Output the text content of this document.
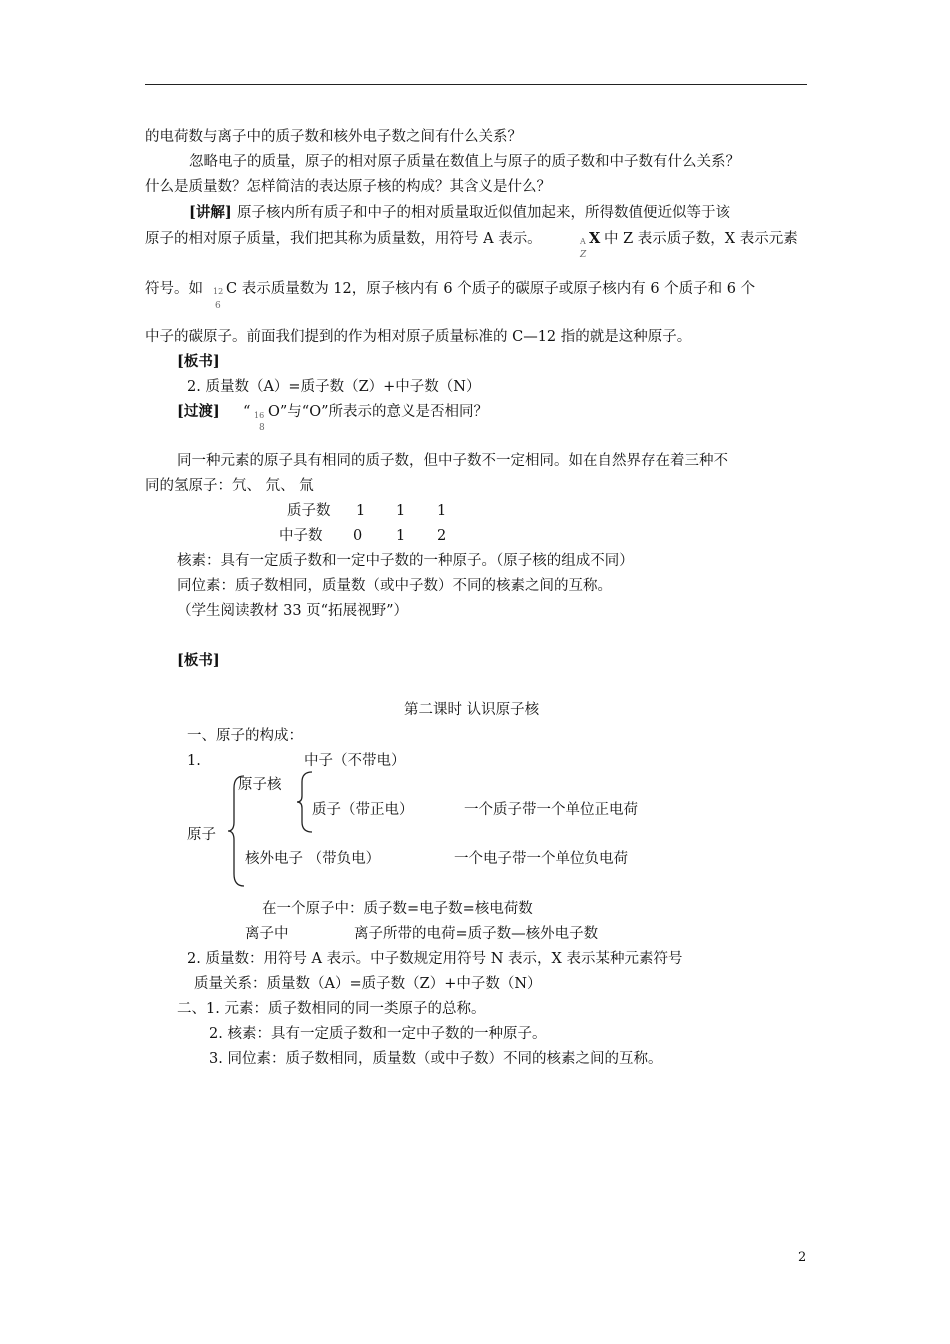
的电荷数与离子中的质子数和核外电子数之间有什么关系？
忽略电子的质量，原子的相对原子质量在数值上与原子的质子数和中子数有什么关系？
什么是质量数？怎样简洁的表达原子核的构成？其含义是什么？
[讲解] 原子核内所有质子和中子的相对质量取近似值加起来，所得数值便近似等于该
原子的相对原子质量，我们把其称为质量数，用符号 A 表示。	A
Z
X 中 Z 表示质子数，X 表示元素
符号。如 12
6
C 表示质量数为 12，原子核内有 6 个质子的碳原子或原子核内有 6 个质子和 6 个
中子的碳原子。前面我们提到的作为相对原子质量标准的 C—12 指的就是这种原子。
[板书]
2. 质量数（A）=质子数（Z）+中子数（N）
[过渡] “ 16
8
O”与“O”所表示的意义是否相同？
同一种元素的原子具有相同的质子数，但中子数不一定相同。如在自然界存在着三种不
同的氢原子：氕、 氘、 氚
质子数 1 1 1
中子数 0 1 2
核素：具有一定质子数和一定中子数的一种原子。（原子核的组成不同）
同位素：质子数相同，质量数（或中子数）不同的核素之间的互称。
（学生阅读教材 33 页“拓展视野”）
[板书]
第二课时 认识原子核
一、原子的构成：
1.	中子（不带电）
原子核
质子（带正电）	一个质子带一个单位正电荷
原子
核外电子 （带负电）	一个电子带一个单位负电荷
在一个原子中：质子数=电子数=核电荷数
离子中	离子所带的电荷=质子数—核外电子数
2. 质量数：用符号 A 表示。中子数规定用符号 N 表示，X 表示某种元素符号
质量关系：质量数（A）=质子数（Z）+中子数（N）
二、1. 元素：质子数相同的同一类原子的总称。
2. 核素：具有一定质子数和一定中子数的一种原子。
3. 同位素：质子数相同，质量数（或中子数）不同的核素之间的互称。
2
